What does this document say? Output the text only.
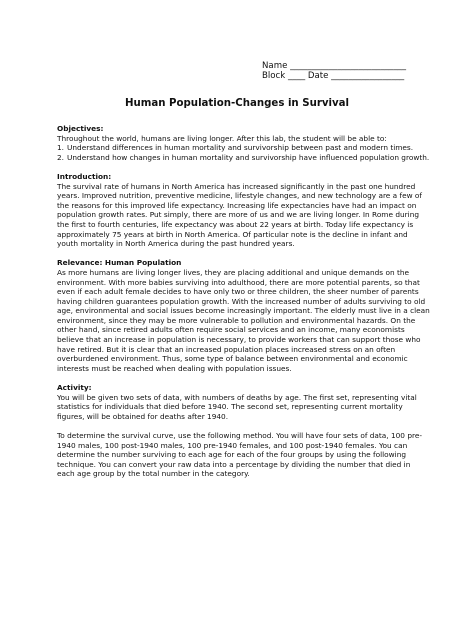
Name ___________________________
Block ____ Date _________________
Human Population-Changes in Survival

Objectives:

Throughout the world, humans are living longer. After this lab, the student will be able to:

1. Understand differences in human mortality and survivorship between past and modern times.

2. Understand how changes in human mortality and survivorship have influenced population growth.

Introduction:

The survival rate of humans in North America has increased significantly in the past one hundred

years. Improved nutrition, preventive medicine, lifestyle changes, and new technology are a few of

the reasons for this improved life expectancy. Increasing life expectancies have had an impact on

population growth rates. Put simply, there are more of us and we are living longer. In Rome during

the first to fourth centuries, life expectancy was about 22 years at birth. Today life expectancy is

approximately 75 years at birth in North America. Of particular note is the decline in infant and

youth mortality in North America during the past hundred years.

Relevance: Human Population

As more humans are living longer lives, they are placing additional and unique demands on the

environment. With more babies surviving into adulthood, there are more potential parents, so that

even if each adult female decides to have only two or three children, the sheer number of parents

having children guarantees population growth. With the increased number of adults surviving to old

age, environmental and social issues become increasingly important. The elderly must live in a clean

environment, since they may be more vulnerable to pollution and environmental hazards. On the

other hand, since retired adults often require social services and an income, many economists

believe that an increase in population is necessary, to provide workers that can support those who

have retired. But it is clear that an increased population places increased stress on an often

overburdened environment. Thus, some type of balance between environmental and economic

interests must be reached when dealing with population issues.

Activity:

You will be given two sets of data, with numbers of deaths by age. The first set, representing vital

statistics for individuals that died before 1940. The second set, representing current mortality

figures, will be obtained for deaths after 1940.

To determine the survival curve, use the following method. You will have four sets of data, 100 pre-

1940 males, 100 post-1940 males, 100 pre-1940 females, and 100 post-1940 females. You can

determine the number surviving to each age for each of the four groups by using the following

technique. You can convert your raw data into a percentage by dividing the number that died in

each age group by the total number in the category.
